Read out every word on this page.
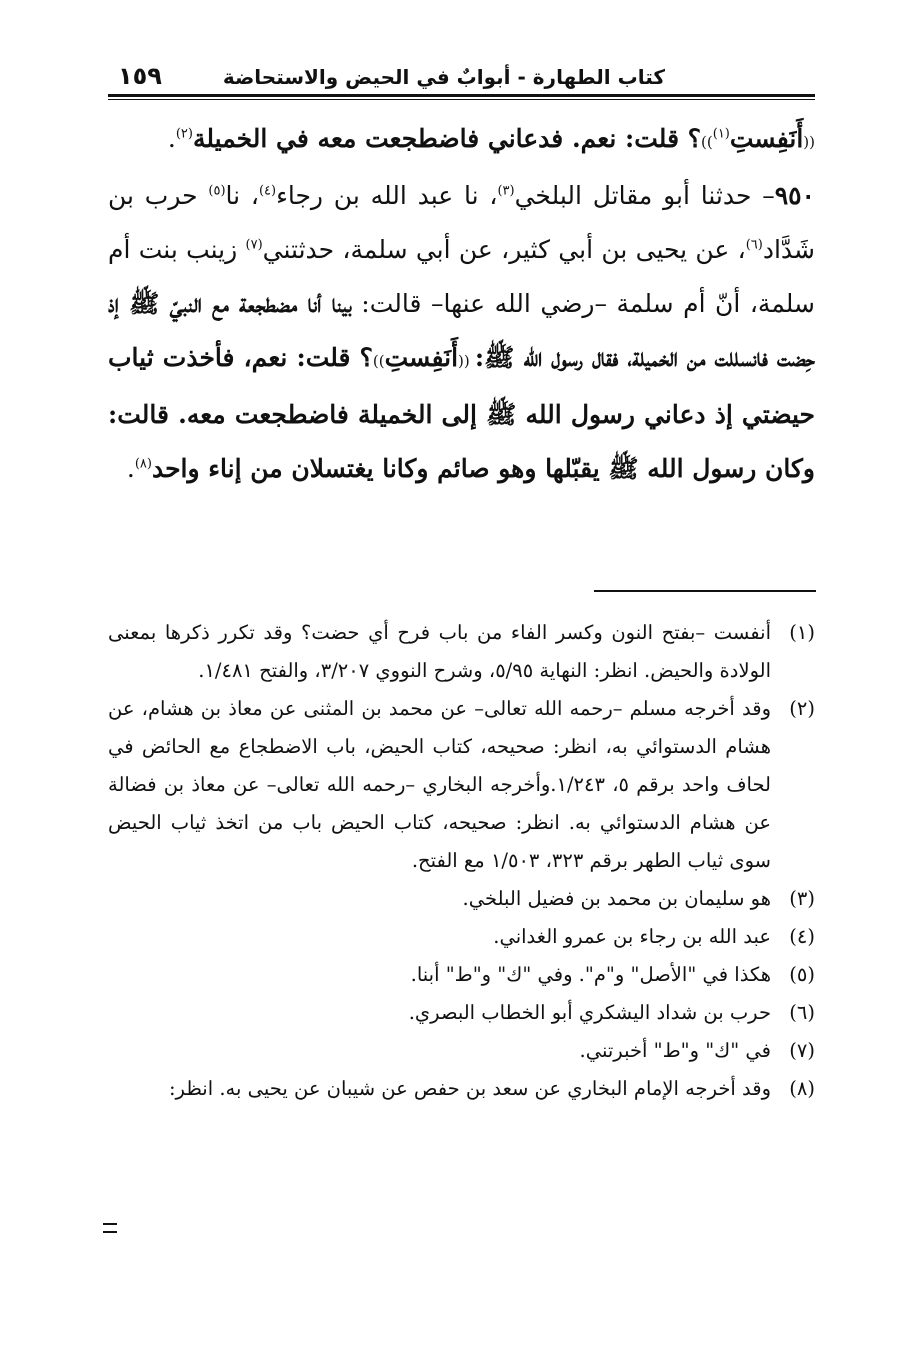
كتاب الطهارة - أبوابٌ في الحيض والاستحاضة
١٥٩

((أَنَفِستِ$^{(١)}$))؟ قلت: نعم. فدعاني فاضطجعت معه في الخميلة$^{(٢)}$.

٩٥٠– حدثنا أبو مقاتل البلخي$^{(٣)}$، نا عبد الله بن رجاء$^{(٤)}$، نا$^{(٥)}$ حرب بن شَدَّاد$^{(٦)}$، عن يحيى بن أبي كثير، عن أبي سلمة، حدثتني$^{(٧)}$ زينب بنت أم سلمة، أنّ أم سلمة –رضي الله عنها– قالت: بينا أنا مضطجعة مع النبيّ ﷺ إذ حِضت فانسللت من الخميلة، فقال رسول الله ﷺ: ((أَنَفِستِ))؟ قلت: نعم، فأخذت ثياب حيضتي إذ دعاني رسول الله ﷺ إلى الخميلة فاضطجعت معه. قالت: وكان رسول الله ﷺ يقبّلها وهو صائم وكانا يغتسلان من إناء واحد$^{(٨)}$.

(١)
أنفست –بفتح النون وكسر الفاء من باب فرح أي حضت؟ وقد تكرر ذكرها بمعنى الولادة والحيض. انظر: النهاية ٥/٩٥، وشرح النووي ٣/٢٠٧، والفتح ١/٤٨١.
(٢)
وقد أخرجه مسلم –رحمه الله تعالى– عن محمد بن المثنى عن معاذ بن هشام، عن هشام الدستوائي به، انظر: صحيحه، كتاب الحيض، باب الاضطجاع مع الحائض في لحاف واحد برقم ٥، ١/٢٤٣.وأخرجه البخاري –رحمه الله تعالى– عن معاذ بن فضالة عن هشام الدستوائي به. انظر: صحيحه، كتاب الحيض باب من اتخذ ثياب الحيض سوى ثياب الطهر برقم ٣٢٣، ١/٥٠٣ مع الفتح.
(٣)
هو سليمان بن محمد بن فضيل البلخي.
(٤)
عبد الله بن رجاء بن عمرو الغداني.
(٥)
هكذا في "الأصل" و"م". وفي "ك" و"ط" أبنا.
(٦)
حرب بن شداد اليشكري أبو الخطاب البصري.
(٧)
في "ك" و"ط" أخبرتني.
(٨)
وقد أخرجه الإمام البخاري عن سعد بن حفص عن شيبان عن يحيى به. انظر:
